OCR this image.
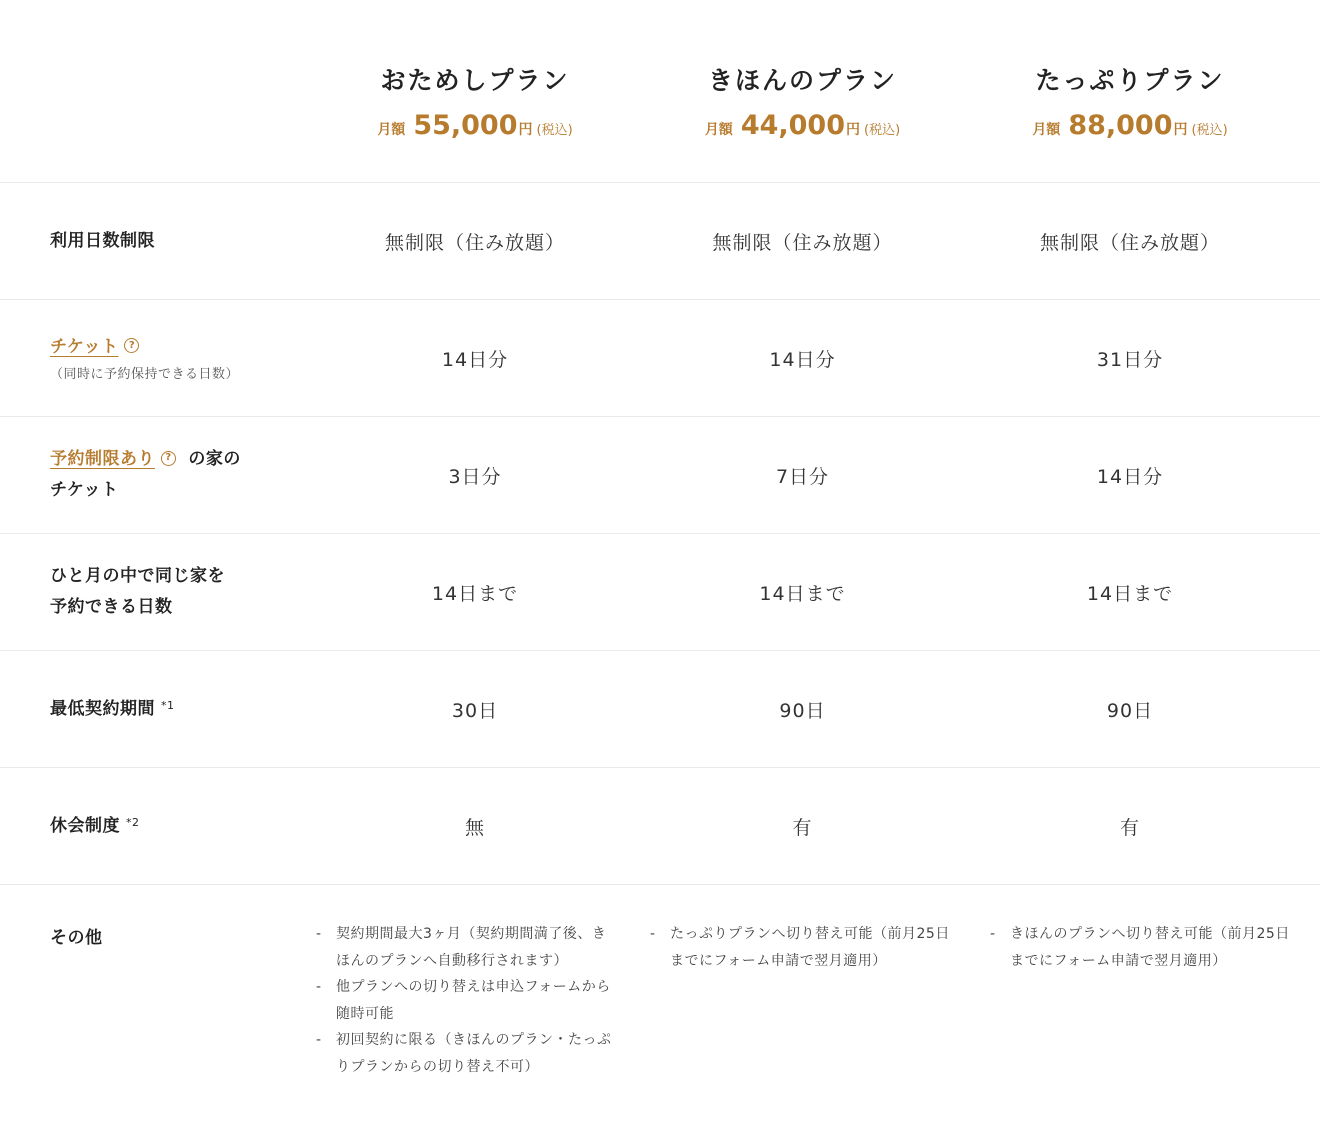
おためしプラン
月額 55,000 円 (税込)
きほんのプラン
月額 44,000 円 (税込)
たっぷりプラン
月額 88,000 円 (税込)
利用日数制限	無制限（住み放題）	無制限（住み放題）	無制限（住み放題）
チケット ?
（同時に予約保持できる日数）
14日分	14日分	31日分
予約制限あり ? の家の
チケット
3日分	7日分	14日分
ひと月の中で同じ家を
予約できる日数
14日まで	14日まで	14日まで
最低契約期間 $^{*1}$	30日	90日	90日
休会制度 $^{*2}$	無	有	有
その他
-	契約期間最大3ヶ月（契約期間満了後、きほんのプランへ自動移行されます）
- 他プランへの切り替えは申込フォームから随時可能
- 初回契約に限る（きほんのプラン・たっぷりプランからの切り替え不可）
- たっぷりプランへ切り替え可能（前月25日までにフォーム申請で翌月適用）
- きほんのプランへ切り替え可能（前月25日までにフォーム申請で翌月適用）
